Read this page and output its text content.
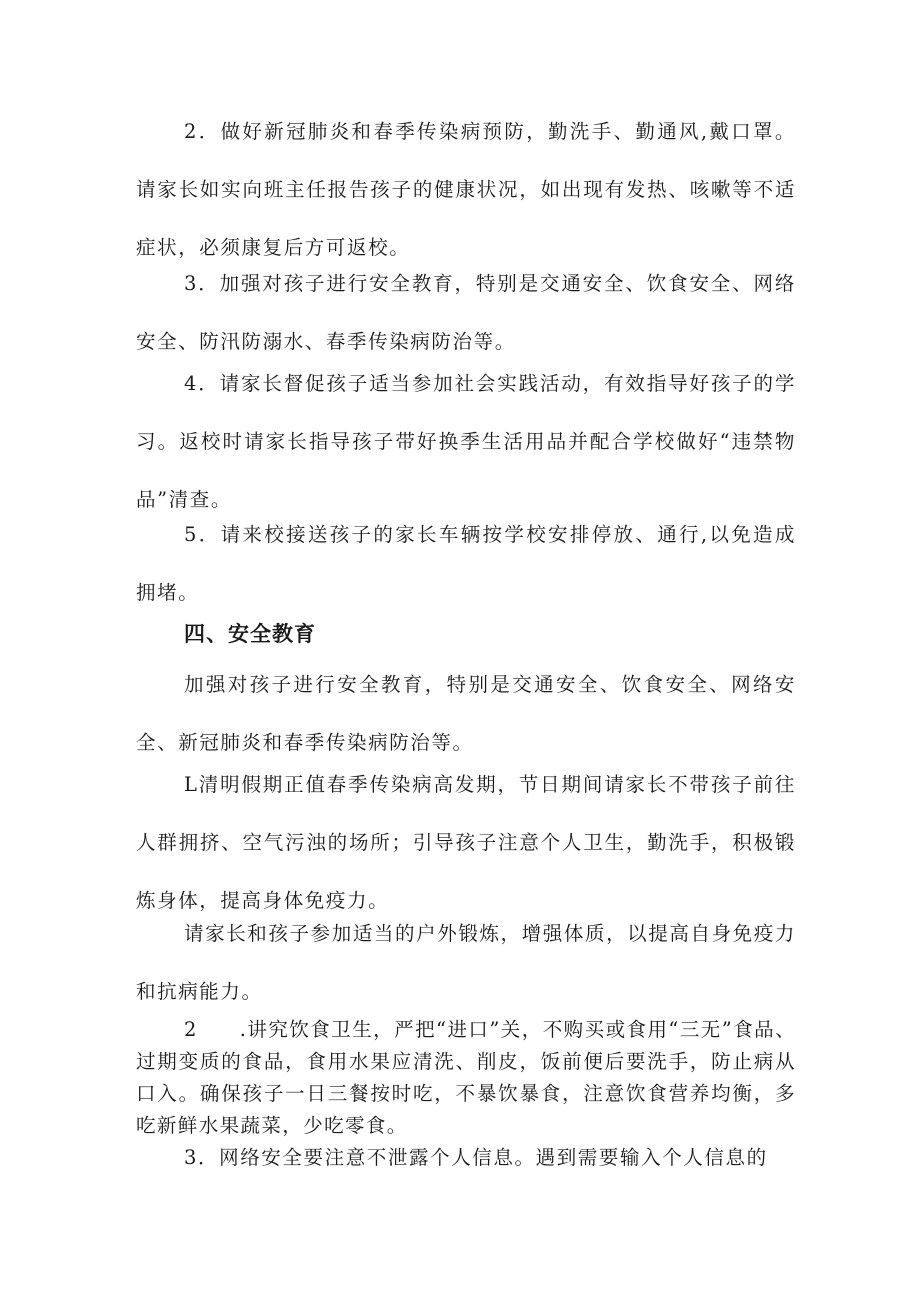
2．做好新冠肺炎和春季传染病预防，勤洗手、勤通风,戴口罩。请家长如实向班主任报告孩子的健康状况，如出现有发热、咳嗽等不适症状，必须康复后方可返校。

3．加强对孩子进行安全教育，特别是交通安全、饮食安全、网络安全、防汛防溺水、春季传染病防治等。

4．请家长督促孩子适当参加社会实践活动，有效指导好孩子的学习。返校时请家长指导孩子带好换季生活用品并配合学校做好“违禁物品”清查。

5．请来校接送孩子的家长车辆按学校安排停放、通行,以免造成拥堵。

四、安全教育

加强对孩子进行安全教育，特别是交通安全、饮食安全、网络安全、新冠肺炎和春季传染病防治等。

L清明假期正值春季传染病高发期，节日期间请家长不带孩子前往人群拥挤、空气污浊的场所；引导孩子注意个人卫生，勤洗手，积极锻炼身体，提高身体免疫力。

请家长和孩子参加适当的户外锻炼，增强体质，以提高自身免疫力和抗病能力。

2　　.讲究饮食卫生，严把“进口”关，不购买或食用“三无”食品、过期变质的食品，食用水果应清洗、削皮，饭前便后要洗手，防止病从口入。确保孩子一日三餐按时吃，不暴饮暴食，注意饮食营养均衡，多吃新鲜水果蔬菜，少吃零食。

3．网络安全要注意不泄露个人信息。遇到需要输入个人信息的
